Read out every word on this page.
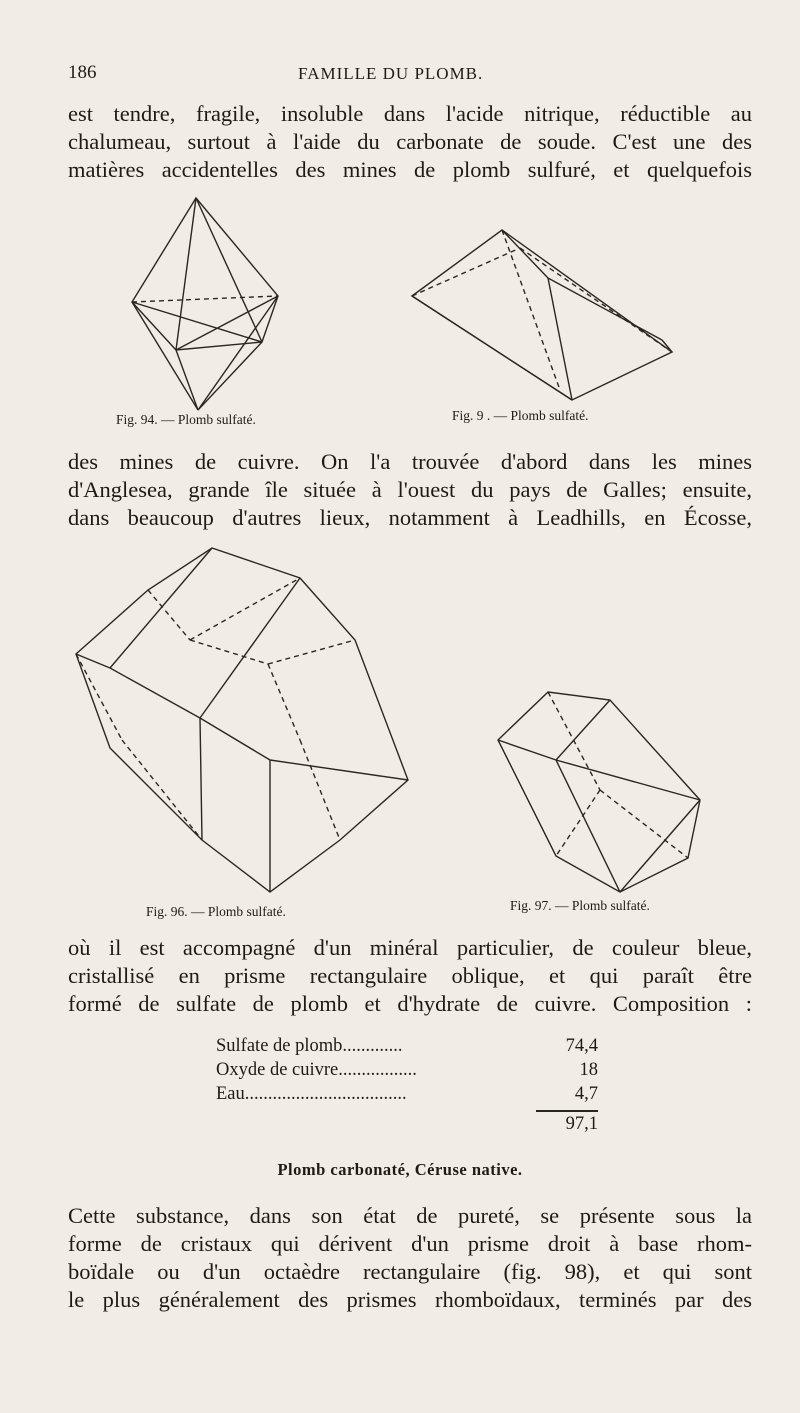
186	FAMILLE DU PLOMB.
est tendre, fragile, insoluble dans l'acide nitrique, réductible au
chalumeau, surtout à l'aide du carbonate de soude. C'est une des
matières accidentelles des mines de plomb sulfuré, et quelquefois
Fig. 94. — Plomb sulfaté.	Fig. 9 . — Plomb sulfaté.
des mines de cuivre. On l'a trouvée d'abord dans les mines
d'Anglesea, grande île située à l'ouest du pays de Galles; ensuite,
dans beaucoup d'autres lieux, notamment à Leadhills, en Écosse,
Fig. 96. — Plomb sulfaté.	Fig. 97. — Plomb sulfaté.
où il est accompagné d'un minéral particulier, de couleur bleue,
cristallisé en prisme rectangulaire oblique, et qui paraît être
formé de sulfate de plomb et d'hydrate de cuivre. Composition :
Sulfate de plomb.............	74,4
Oxyde de cuivre.................	18
Eau...................................	4,7
97,1
Plomb carbonaté, Céruse native.
Cette substance, dans son état de pureté, se présente sous la
forme de cristaux qui dérivent d'un prisme droit à base rhom-
boïdale ou d'un octaèdre rectangulaire (fig. 98), et qui sont
le plus généralement des prismes rhomboïdaux, terminés par des
